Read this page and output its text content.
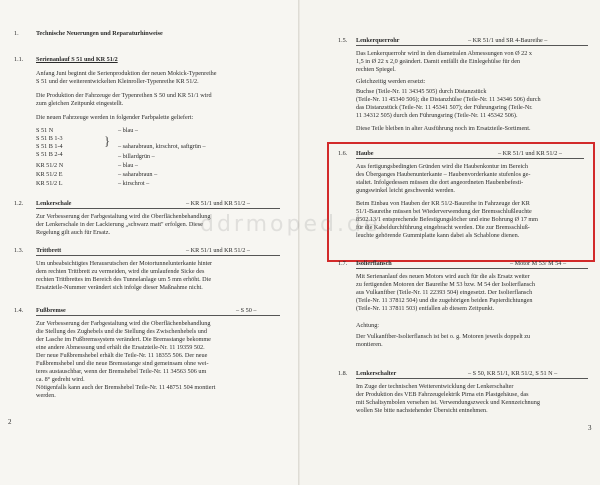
1.	Technische Neuerungen und Reparaturhinweise
1.1. Serienanlauf S 51 und KR 51/2
Anfang Juni beginnt die Serienproduktion der neuen Mokick-Typenreihe
S 51 und der weiterentwickelten Kleinroller-Typenreihe KR 51/2.
Die Produktion der Fahrzeuge der Typenreihen S 50 und KR 51/1 wird
zum gleichen Zeitpunkt eingestellt.
Die neuen Fahrzeuge werden in folgender Farbpalette geliefert:
S 51 N	– blau –
S 51 B 1-3
S 51 B 1-4	} – saharabraun, kirschrot, saftgrün –
S 51 B 2-4	– billardgrün –
KR 51/2 N	– blau –
KR 51/2 E	– saharabraun –
KR 51/2 L	– kirschrot –
1.2. Lenkerschale	– KR 51/1 und KR 51/2 –
Zur Verbesserung der Farbgestaltung wird die Oberflächenbehandlung
der Lenkerschale in der Lackierung „schwarz matt" erfolgen. Diese
Regelung gilt auch für Ersatz.
1.3. Trittbrett	– KR 51/1 und KR 51/2 –
Um unbeabsichtigtes Herausrutschen der Motortunnelunterkante hinter
dem rechten Trittbrett zu vermeiden, wird die umlaufende Sicke des
rechten Trittbrettes im Bereich des Tunnelanlage um 5 mm erhöht. Die
Ersatzteile-Nummer verändert sich infolge dieser Maßnahme nicht.
1.4. Fußbremse	– S 50 –
Zur Verbesserung der Farbgestaltung wird die Oberflächenbehandlung
die Stellung des Zughebels und die Stellung des Zwischenhebels und
der Lasche im Fußbremssystem verändert. Die Bremsstange bekomme
eine andere Abmessung und erhält die Ersatzteile-Nr. 11 19359 502.
Der neue Fußbremshebel erhält die Teile-Nr. 11 18355 506. Der neue
Fußbremshebel und die neue Bremsstange sind gemeinsam ohne wei-
teres austauschbar, wenn der Bremshebel Teile-Nr. 11 34563 506 um
ca. 8° gedreht wird.
Nötigenfalls kann auch der Bremshebel Teile-Nr. 11 48751 504 montiert
werden.
2
1.5. Lenkerquerrohr	– KR 51/1 und SR 4-Baureihe –
Das Lenkerquerrohr wird in den diametralen Abmessungen von Ø 22 x
1,5 in Ø 22 x 2,0 geändert. Damit entfällt die Einlegehülse für den
rechten Spiegel.
Gleichzeitig werden ersetzt:
Buchse (Teile-Nr. 11 34345 505) durch Distanzstück
(Teile-Nr. 11 45340 506); die Distanzhülse (Teile-Nr. 11 34346 506) durch
das Distanzstück (Teile-Nr. 11 45341 507); der Führungsring (Teile-Nr.
11 34312 505) durch den Führungsring (Teile-Nr. 11 45342 506).
Diese Teile bleiben in alter Ausführung noch im Ersatzteile-Sortiment.
1.6. Haube	– KR 51/1 und KR 51/2 –
Aus fertigungsbedingten Gründen wird die Haubenkontur im Bereich
des Überganges Haubenunterkante – Haubenvorderkante stufenlos ge-
staltet. Infolgedessen müssen die dort angeordneten Haubenbefesti-
gungswinkel leicht geschwenkt werden.
Beim Einbau von Hauben der KR 51/2-Baureihe in Fahrzeuge der KR
51/1-Baureihe müssen bei Wiederverwendung der Bremsschlußleuchte
8502.13/1 entsprechende Befestigungslöcher und eine Bohrung Ø 17 mm
für die Kabeldurchführung eingebracht werden. Die zur Bremsschluß-
leuchte gehörende Gummiplatte kann dabei als Schablone dienen.
1.7. Isolierflansch	– Motor M 53/ M 54 –
Mit Serienanlauf des neuen Motors wird auch für die als Ersatz weiter
zu fertigenden Motoren der Baureihe M 53 bzw. M 54 der Isolierflansch
aus Vulkanfiber (Teile-Nr. 11 22393 504) eingesetzt. Der Isolierflansch
(Teile-Nr. 11 37812 504) und die zugehörigen beiden Papierdichtungen
(Teile-Nr. 11 37811 503) entfallen ab diesem Zeitpunkt.
Achtung:
Der Vulkanfiber-Isolierflansch ist bei o. g. Motoren jeweils doppelt zu
montieren.
1.8. Lenkerschalter	– S 50, KR 51/1, KR 51/2, S 51 N –
Im Zuge der technischen Weiterentwicklung der Lenkerschalter
der Produktion des VEB Fahrzeugelektrik Pirna ein Plastgehäuse, das
mit Schaltsymbolen versehen ist. Verwendungszweck und Kennzeichnung
wollen Sie bitte nachstehender Übersicht entnehmen.
3
ddrmoped.de
